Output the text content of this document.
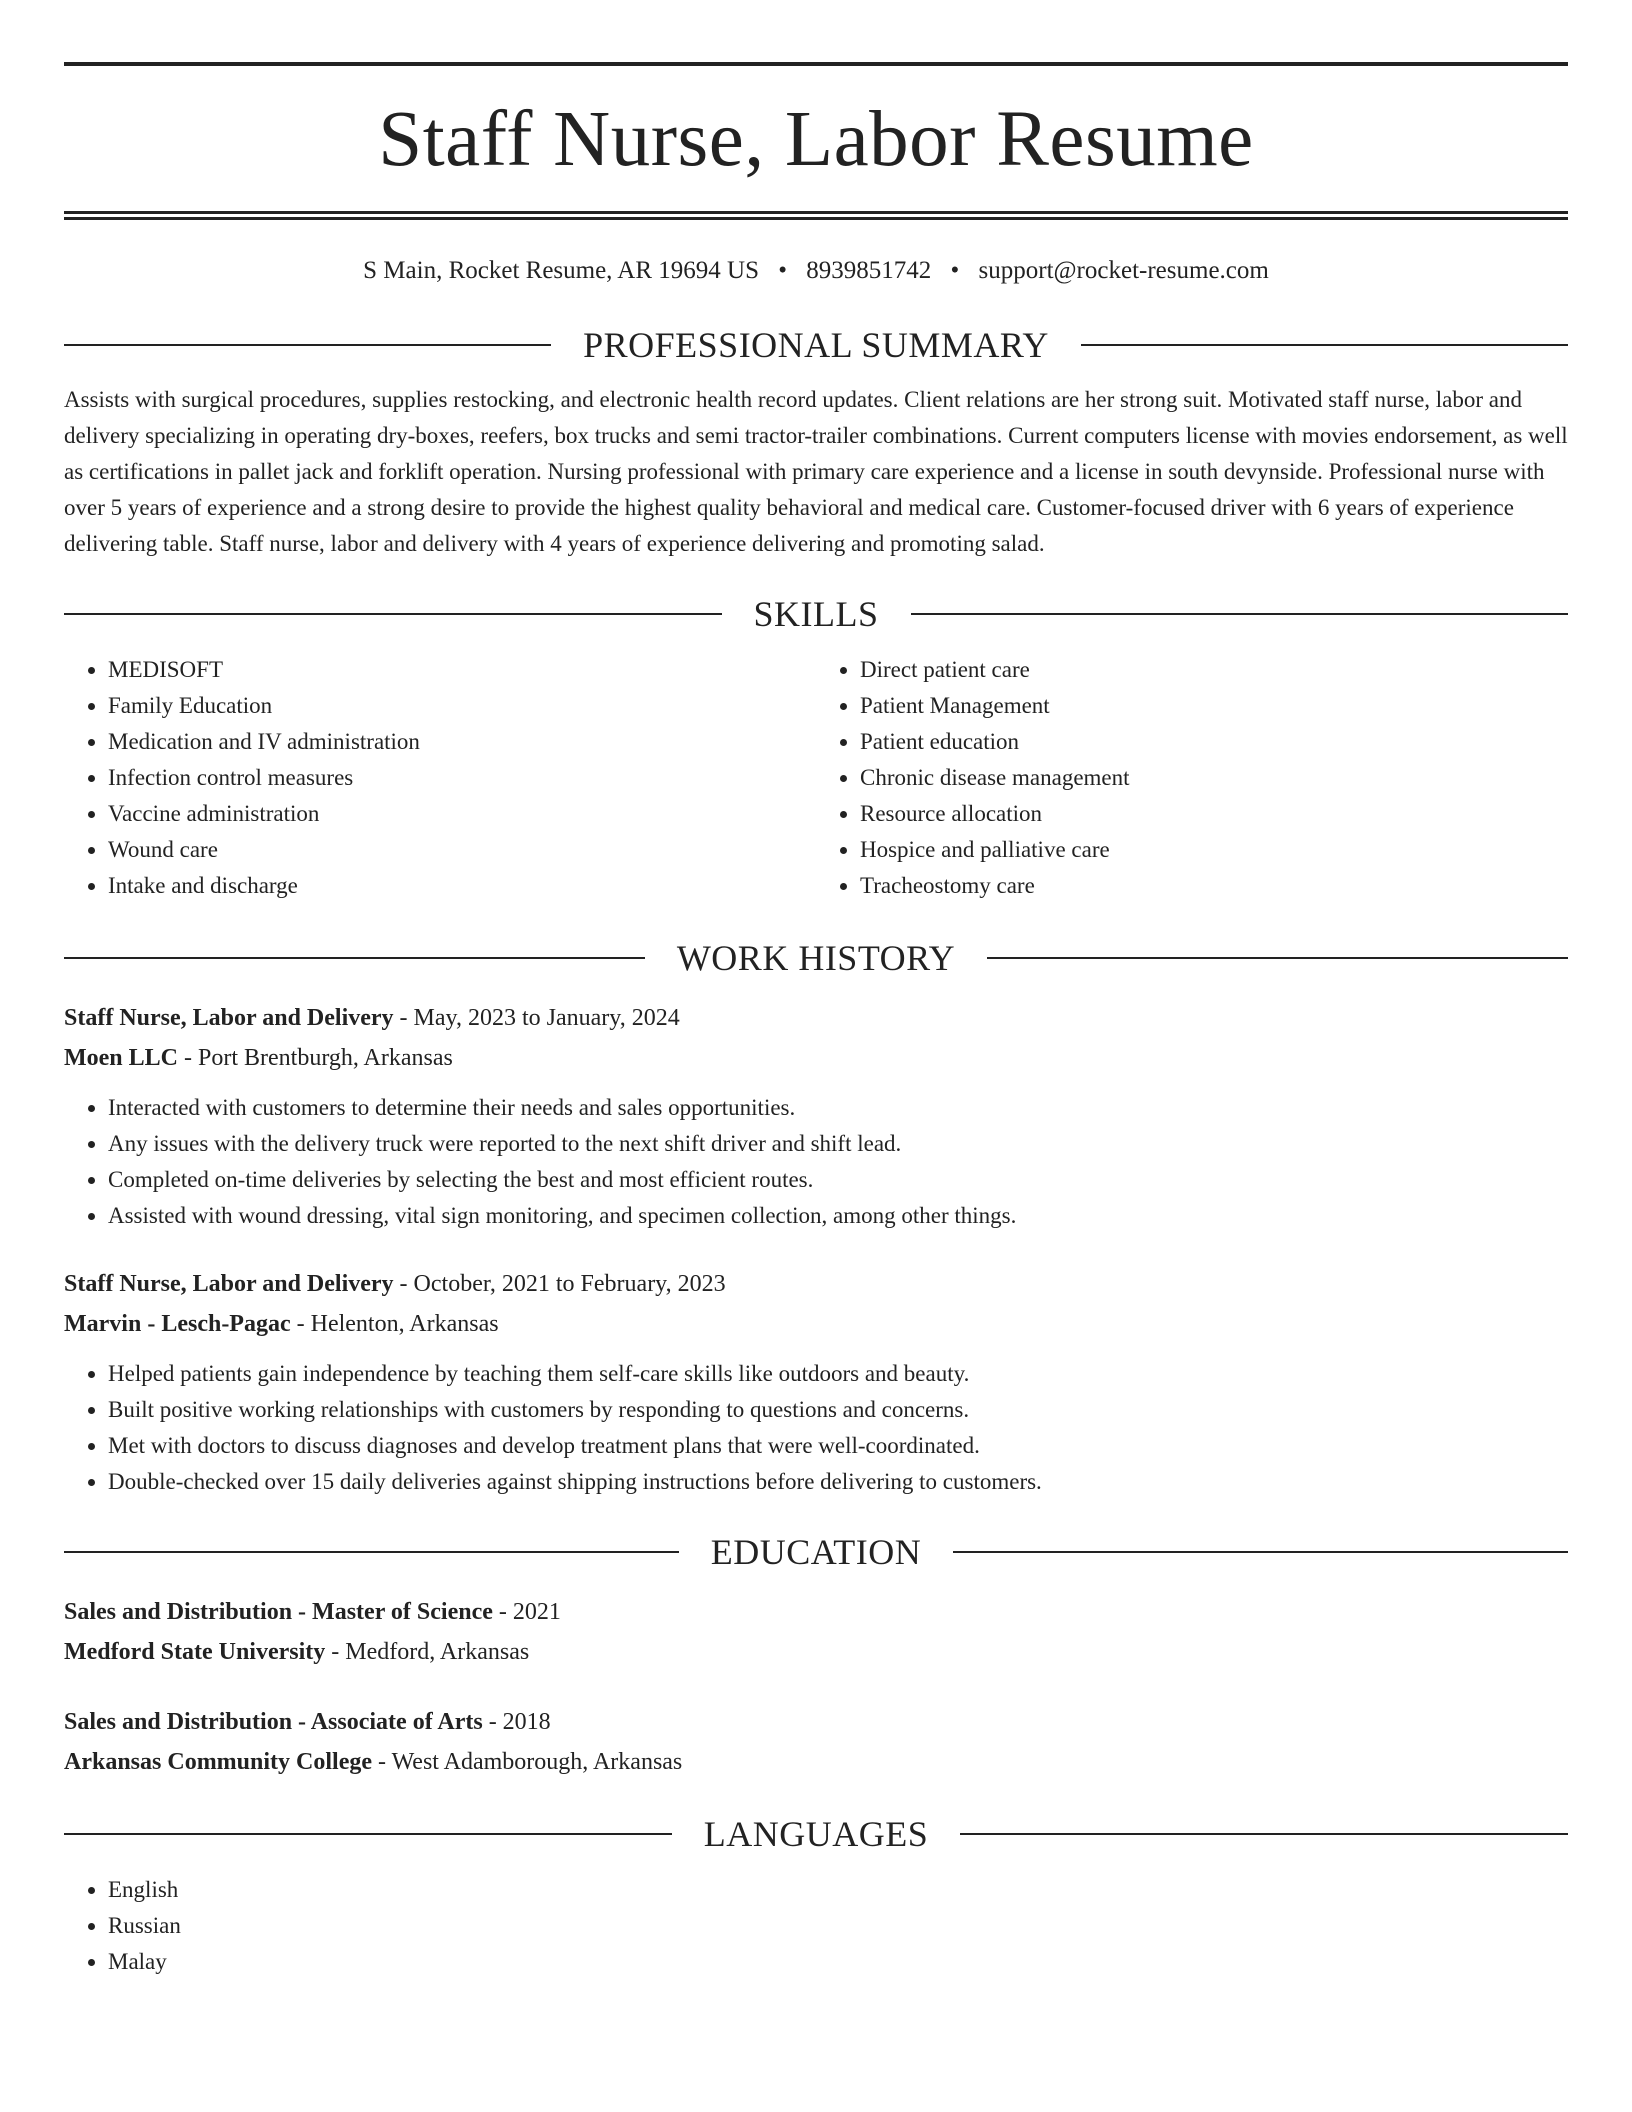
Staff Nurse, Labor Resume
S Main, Rocket Resume, AR 19694 US • 8939851742 • support@rocket-resume.com
PROFESSIONAL SUMMARY

Assists with surgical procedures, supplies restocking, and electronic health record updates. Client relations are her strong suit. Motivated staff nurse, labor and delivery specializing in operating dry-boxes, reefers, box trucks and semi tractor-trailer combinations. Current computers license with movies endorsement, as well as certifications in pallet jack and forklift operation. Nursing professional with primary care experience and a license in south devynside. Professional nurse with over 5 years of experience and a strong desire to provide the highest quality behavioral and medical care. Customer-focused driver with 6 years of experience delivering table. Staff nurse, labor and delivery with 4 years of experience delivering and promoting salad.

SKILLS
• MEDISOFT
• Family Education
• Medication and IV administration
• Infection control measures
• Vaccine administration
• Wound care
• Intake and discharge
• Direct patient care
• Patient Management
• Patient education
• Chronic disease management
• Resource allocation
• Hospice and palliative care
• Tracheostomy care
WORK HISTORY
Staff Nurse, Labor and Delivery - May, 2023 to January, 2024
Moen LLC - Port Brentburgh, Arkansas
• Interacted with customers to determine their needs and sales opportunities.
• Any issues with the delivery truck were reported to the next shift driver and shift lead.
• Completed on-time deliveries by selecting the best and most efficient routes.
• Assisted with wound dressing, vital sign monitoring, and specimen collection, among other things.
Staff Nurse, Labor and Delivery - October, 2021 to February, 2023
Marvin - Lesch-Pagac - Helenton, Arkansas
• Helped patients gain independence by teaching them self-care skills like outdoors and beauty.
• Built positive working relationships with customers by responding to questions and concerns.
• Met with doctors to discuss diagnoses and develop treatment plans that were well-coordinated.
• Double-checked over 15 daily deliveries against shipping instructions before delivering to customers.
EDUCATION
Sales and Distribution - Master of Science - 2021
Medford State University - Medford, Arkansas
Sales and Distribution - Associate of Arts - 2018
Arkansas Community College - West Adamborough, Arkansas
LANGUAGES
• English
• Russian
• Malay
